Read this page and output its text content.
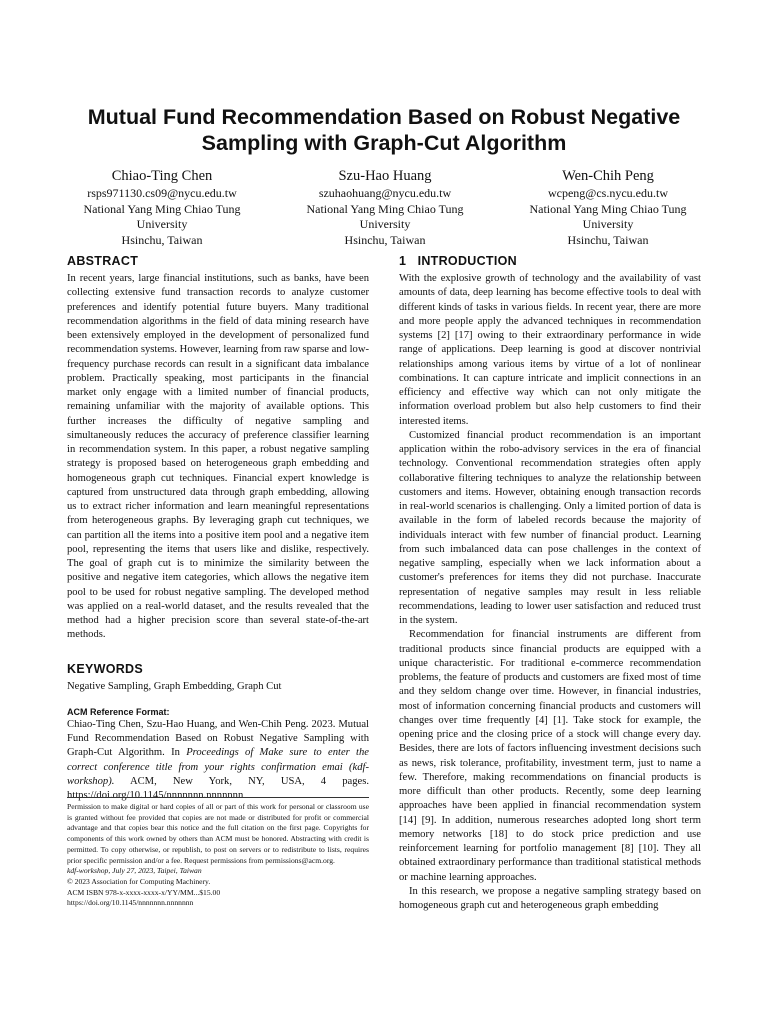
Mutual Fund Recommendation Based on Robust Negative Sampling with Graph-Cut Algorithm
Chiao-Ting Chen
rsps971130.cs09@nycu.edu.tw
National Yang Ming Chiao Tung University
Hsinchu, Taiwan
Szu-Hao Huang
szuhaohuang@nycu.edu.tw
National Yang Ming Chiao Tung University
Hsinchu, Taiwan
Wen-Chih Peng
wcpeng@cs.nycu.edu.tw
National Yang Ming Chiao Tung University
Hsinchu, Taiwan
ABSTRACT

In recent years, large financial institutions, such as banks, have been collecting extensive fund transaction records to analyze customer preferences and identify potential future buyers. Many traditional recommendation algorithms in the field of data mining research have been extensively employed in the development of personalized fund recommendation systems. However, learning from raw sparse and low-frequency purchase records can result in a significant data imbalance problem. Practically speaking, most participants in the financial market only engage with a limited number of financial products, remaining unfamiliar with the majority of available options. This further increases the difficulty of negative sampling and simultaneously reduces the accuracy of preference classifier learning in recommendation system. In this paper, a robust negative sampling strategy is proposed based on heterogeneous graph embedding and homogeneous graph cut techniques. Financial expert knowledge is captured from unstructured data through graph embedding, allowing us to extract richer information and learn meaningful representations from heterogeneous graphs. By leveraging graph cut techniques, we can partition all the items into a positive item pool and a negative item pool, representing the items that users like and dislike, respectively. The goal of graph cut is to minimize the similarity between the positive and negative item categories, which allows the negative item pool to be used for robust negative sampling. The developed method was applied on a real-world dataset, and the results revealed that the method had a higher precision score than several state-of-the-art methods.

KEYWORDS

Negative Sampling, Graph Embedding, Graph Cut

ACM Reference Format:

Chiao-Ting Chen, Szu-Hao Huang, and Wen-Chih Peng. 2023. Mutual Fund Recommendation Based on Robust Negative Sampling with Graph-Cut Algorithm. In Proceedings of Make sure to enter the correct conference title from your rights confirmation emai (kdf-workshop). ACM, New York, NY, USA, 4 pages. https://doi.org/10.1145/nnnnnnn.nnnnnnn

Permission to make digital or hard copies of all or part of this work for personal or classroom use is granted without fee provided that copies are not made or distributed for profit or commercial advantage and that copies bear this notice and the full citation on the first page. Copyrights for components of this work owned by others than ACM must be honored. Abstracting with credit is permitted. To copy otherwise, or republish, to post on servers or to redistribute to lists, requires prior specific permission and/or a fee. Request permissions from permissions@acm.org.

kdf-workshop, July 27, 2023, Taipei, Taiwan
© 2023 Association for Computing Machinery.
ACM ISBN 978-x-xxxx-xxxx-x/YY/MM...$15.00
https://doi.org/10.1145/nnnnnnn.nnnnnnn
1   INTRODUCTION

With the explosive growth of technology and the availability of vast amounts of data, deep learning has become effective tools to deal with different kinds of tasks in various fields. In recent year, there are more and more people apply the advanced techniques in recommendation systems [2] [17] owing to their extraordinary performance in wide range of applications. Deep learning is good at discover nontrivial relationships among various items by virtue of a lot of nonlinear combinations. It can capture intricate and implicit connections in an efficiency and effective way which can not only mitigate the information overload problem but also help customers to find their interested items.

Customized financial product recommendation is an important application within the robo-advisory services in the era of financial technology. Conventional recommendation strategies often apply collaborative filtering techniques to analyze the relationship between customers and items. However, obtaining enough transaction records in real-world scenarios is challenging. Only a limited portion of data is available in the form of labeled records because the majority of individuals interact with few number of financial product. Learning from such imbalanced data can pose challenges in the context of negative sampling, especially when we lack information about a customer's preferences for items they did not purchase. Inaccurate representation of negative samples may result in less reliable recommendations, leading to lower user satisfaction and reduced trust in the system.

Recommendation for financial instruments are different from traditional products since financial products are equipped with a unique characteristic. For traditional e-commerce recommendation problems, the feature of products and customers are fixed most of time and they seldom change over time. However, in financial industries, most of information concerning financial products and customers will changes over time frequently [4] [1]. Take stock for example, the opening price and the closing price of a stock will change every day. Besides, there are lots of factors influencing investment decisions such as news, risk tolerance, profitability, investment term, just to name a few. Therefore, making recommendations on financial products is more difficult than other products. Recently, some deep learning approaches have been applied in financial recommendation system [14] [9]. In addition, numerous researches adopted long short term memory networks [18] to do stock price prediction and use reinforcement learning for portfolio management [8] [10]. They all obtained extraordinary performance than traditional statistical methods or machine learning approaches.

In this research, we propose a negative sampling strategy based on homogeneous graph cut and heterogeneous graph embedding
